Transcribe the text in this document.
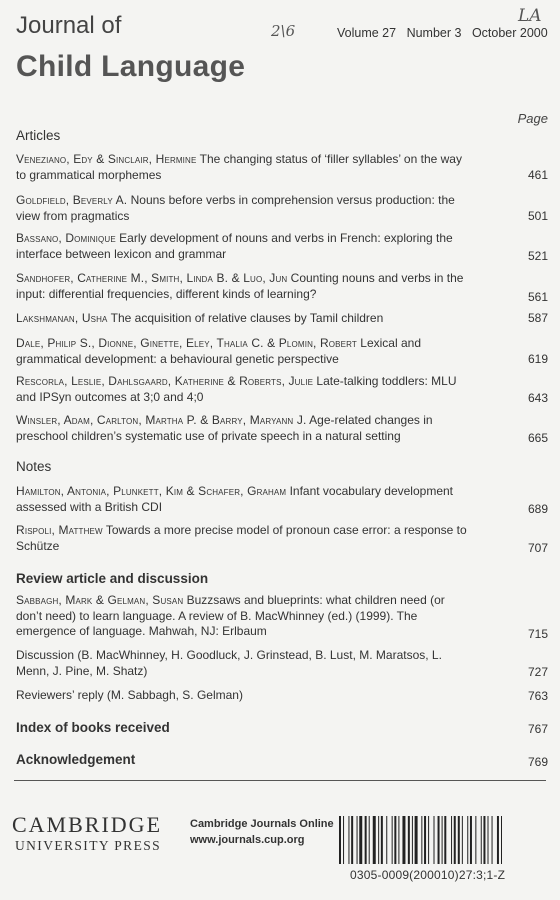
Journal of
Child Language
2\6
LA
Volume 27 Number 3 October 2000
Page
Articles
Veneziano, Edy & Sinclair, Hermine The changing status of ‘filler syllables’ on the way to grammatical morphemes	461
Goldfield, Beverly A. Nouns before verbs in comprehension versus production: the view from pragmatics	501
Bassano, Dominique Early development of nouns and verbs in French: exploring the interface between lexicon and grammar	521
Sandhofer, Catherine M., Smith, Linda B. & Luo, Jun Counting nouns and verbs in the input: differential frequencies, different kinds of learning?	561
Lakshmanan, Usha The acquisition of relative clauses by Tamil children	587
Dale, Philip S., Dionne, Ginette, Eley, Thalia C. & Plomin, Robert Lexical and grammatical development: a behavioural genetic perspective	619
Rescorla, Leslie, Dahlsgaard, Katherine & Roberts, Julie Late-talking toddlers: MLU and IPSyn outcomes at 3;0 and 4;0	643
Winsler, Adam, Carlton, Martha P. & Barry, Maryann J. Age-related changes in preschool children’s systematic use of private speech in a natural setting	665
Notes
Hamilton, Antonia, Plunkett, Kim & Schafer, Graham Infant vocabulary development assessed with a British CDI	689
Rispoli, Matthew Towards a more precise model of pronoun case error: a response to Schütze	707
Review article and discussion
Sabbagh, Mark & Gelman, Susan Buzzsaws and blueprints: what children need (or don’t need) to learn language. A review of B. MacWhinney (ed.) (1999). The emergence of language. Mahwah, NJ: Erlbaum	715
Discussion (B. MacWhinney, H. Goodluck, J. Grinstead, B. Lust, M. Maratsos, L. Menn, J. Pine, M. Shatz)	727
Reviewers’ reply (M. Sabbagh, S. Gelman)	763
Index of books received	767
Acknowledgement	769
CAMBRIDGE
UNIVERSITY PRESS
Cambridge Journals Online
www.journals.cup.org
0305-0009(200010)27:3;1-Z
